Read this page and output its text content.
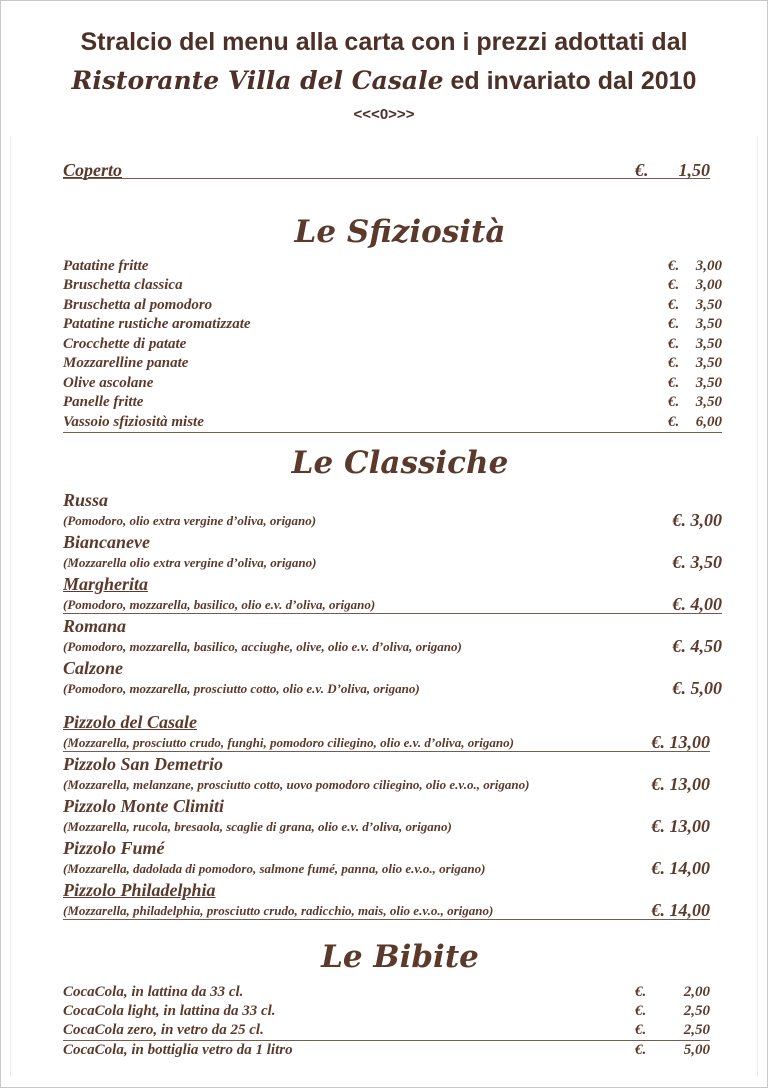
Stralcio del menu alla carta con i prezzi adottati dal
Ristorante Villa del Casale ed invariato dal 2010
<<<0>>>
Coperto	€. 1,50
Patatine fritte	€. 3,00
Bruschetta classica	€. 3,00
Bruschetta al pomodoro	€. 3,50
Patatine rustiche aromatizzate	€. 3,50
Crocchette di patate	€. 3,50
Mozzarelline panate	€. 3,50
Olive ascolane	€. 3,50
Panelle fritte	€. 3,50
Vassoio sfiziosità miste	€. 6,00
Russa
(Pomodoro, olio extra vergine d’oliva, origano)	€. 3,00
Biancaneve
(Mozzarella olio extra vergine d’oliva, origano)	€. 3,50
Margherita
(Pomodoro, mozzarella, basilico, olio e.v. d’oliva, origano)	€. 4,00
Romana
(Pomodoro, mozzarella, basilico, acciughe, olive, olio e.v. d’oliva, origano)	€. 4,50
Calzone
(Pomodoro, mozzarella, prosciutto cotto, olio e.v. D’oliva, origano)	€. 5,00
Pizzolo del Casale
(Mozzarella, prosciutto crudo, funghi, pomodoro ciliegino, olio e.v. d’oliva, origano)	€. 13,00
Pizzolo San Demetrio
(Mozzarella, melanzane, prosciutto cotto, uovo pomodoro ciliegino, olio e.v.o., origano)	€. 13,00
Pizzolo Monte Climiti
(Mozzarella, rucola, bresaola, scaglie di grana, olio e.v. d’oliva, origano)	€. 13,00
Pizzolo Fumé
(Mozzarella, dadolada di pomodoro, salmone fumé, panna, olio e.v.o., origano)	€. 14,00
Pizzolo Philadelphia
(Mozzarella, philadelphia, prosciutto crudo, radicchio, mais, olio e.v.o., origano)	€. 14,00
CocaCola, in lattina da 33 cl.	€.	2,00
CocaCola light, in lattina da 33 cl.	€.	2,50
CocaCola zero, in vetro da 25 cl.	€.	2,50
CocaCola, in bottiglia vetro da 1 litro	€.	5,00
Le Sfiziosità
Le Classiche
Le Bibite
